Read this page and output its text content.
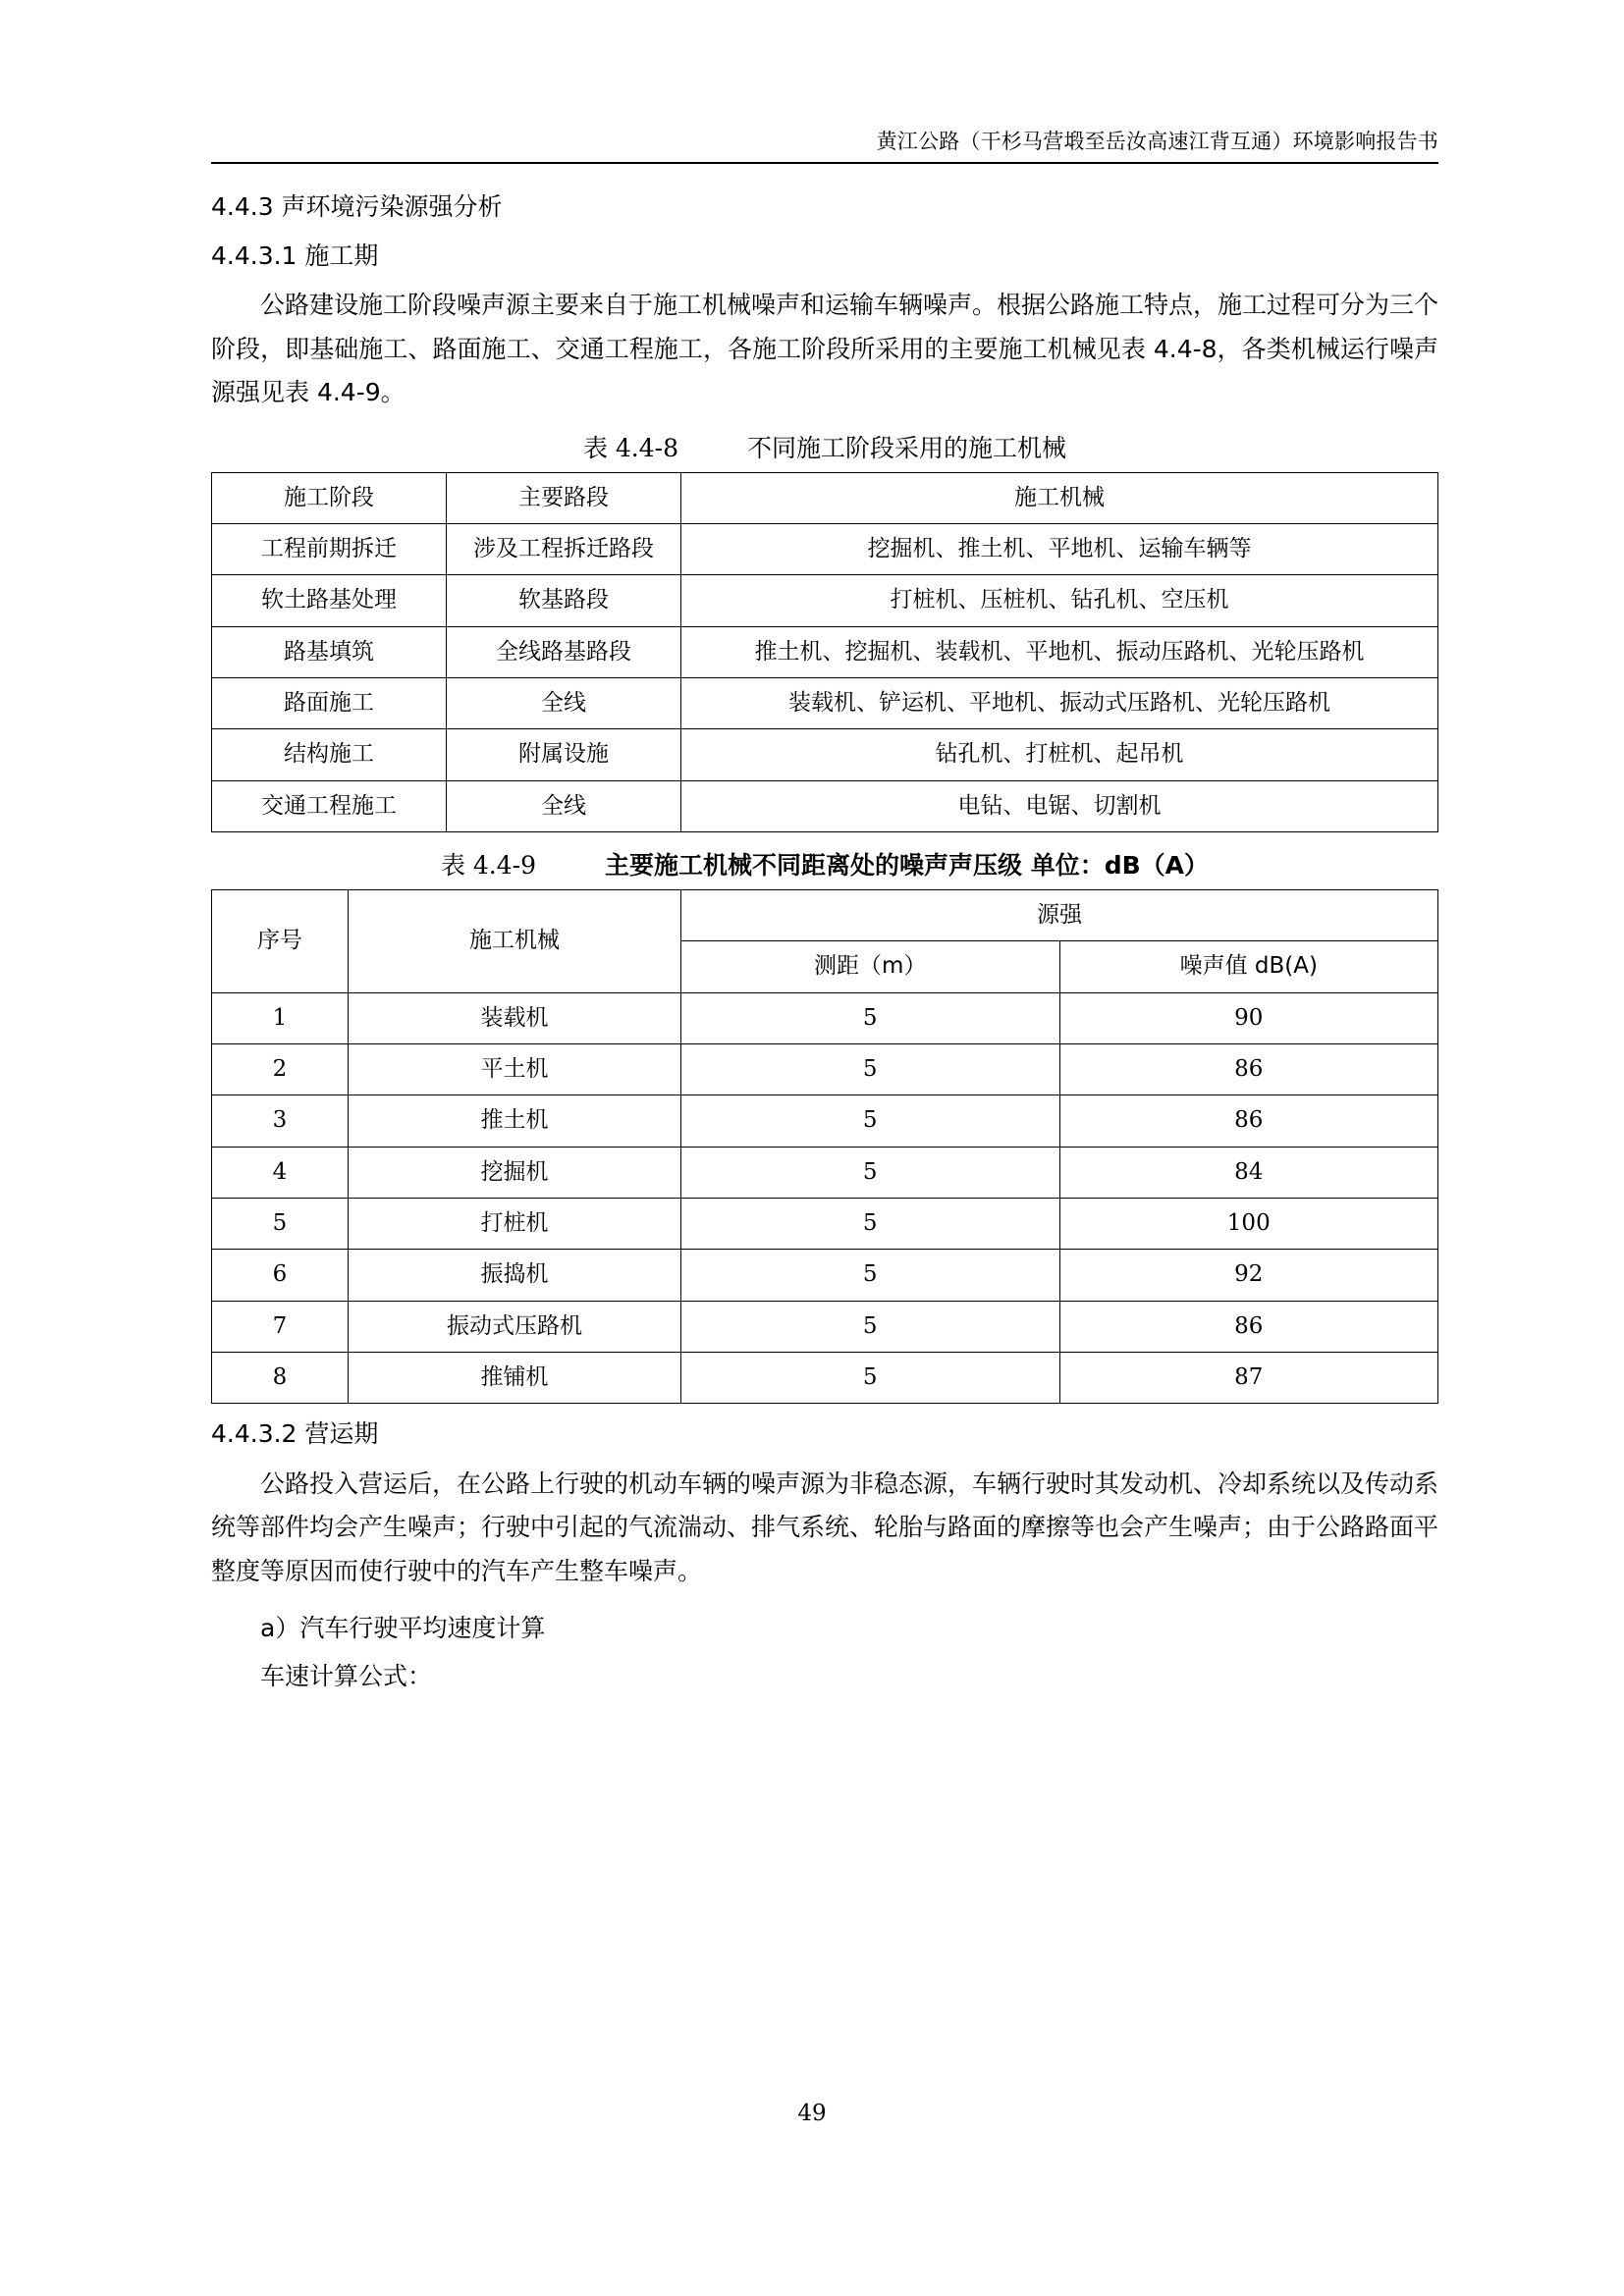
黄江公路（干杉马营塅至岳汝高速江背互通）环境影响报告书
4.4.3 声环境污染源强分析
4.4.3.1 施工期

公路建设施工阶段噪声源主要来自于施工机械噪声和运输车辆噪声。根据公路施工特点，施工过程可分为三个阶段，即基础施工、路面施工、交通工程施工，各施工阶段所采用的主要施工机械见表 4.4-8，各类机械运行噪声源强见表 4.4-9。

表 4.4-8	不同施工阶段采用的施工机械
施工阶段	主要路段	施工机械
工程前期拆迁	涉及工程拆迁路段	挖掘机、推土机、平地机、运输车辆等
软土路基处理	软基路段	打桩机、压桩机、钻孔机、空压机
路基填筑	全线路基路段	推土机、挖掘机、装载机、平地机、振动压路机、光轮压路机
路面施工	全线	装载机、铲运机、平地机、振动式压路机、光轮压路机
结构施工	附属设施	钻孔机、打桩机、起吊机
交通工程施工	全线	电钻、电锯、切割机
表 4.4-9	主要施工机械不同距离处的噪声声压级 单位：dB（A）
序号	施工机械	源强	
		测距（m）	噪声值 dB(A)
1	装载机	5	90
2	平土机	5	86
3	推土机	5	86
4	挖掘机	5	84
5	打桩机	5	100
6	振捣机	5	92
7	振动式压路机	5	86
8	推铺机	5	87
4.4.3.2 营运期

公路投入营运后，在公路上行驶的机动车辆的噪声源为非稳态源，车辆行驶时其发动机、冷却系统以及传动系统等部件均会产生噪声；行驶中引起的气流湍动、排气系统、轮胎与路面的摩擦等也会产生噪声；由于公路路面平整度等原因而使行驶中的汽车产生整车噪声。

a）汽车行驶平均速度计算

车速计算公式：

49
